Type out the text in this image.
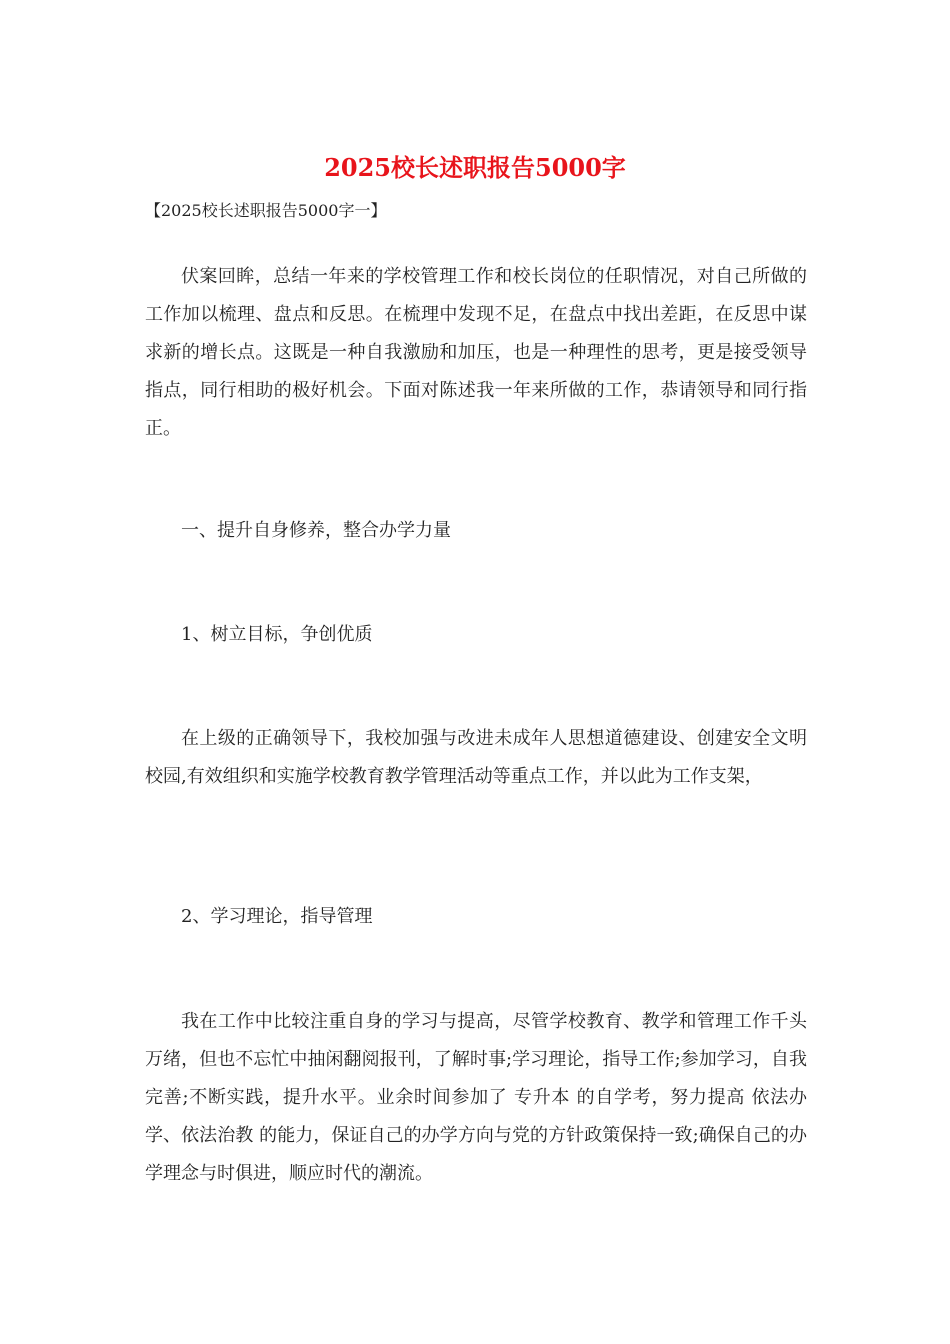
2025校长述职报告5000字
【2025校长述职报告5000字一】

伏案回眸，总结一年来的学校管理工作和校长岗位的任职情况，对自己所做的工作加以梳理、盘点和反思。在梳理中发现不足，在盘点中找出差距，在反思中谋求新的增长点。这既是一种自我激励和加压，也是一种理性的思考，更是接受领导指点，同行相助的极好机会。下面对陈述我一年来所做的工作，恭请领导和同行指正。

一、提升自身修养，整合办学力量

1、树立目标，争创优质

在上级的正确领导下，我校加强与改进未成年人思想道德建设、创建安全文明校园,有效组织和实施学校教育教学管理活动等重点工作，并以此为工作支架，

2、学习理论，指导管理

我在工作中比较注重自身的学习与提高，尽管学校教育、教学和管理工作千头万绪，但也不忘忙中抽闲翻阅报刊，了解时事;学习理论，指导工作;参加学习，自我完善;不断实践，提升水平。业余时间参加了 专升本 的自学考，努力提高 依法办学、依法治教 的能力，保证自己的办学方向与党的方针政策保持一致;确保自己的办学理念与时俱进，顺应时代的潮流。
